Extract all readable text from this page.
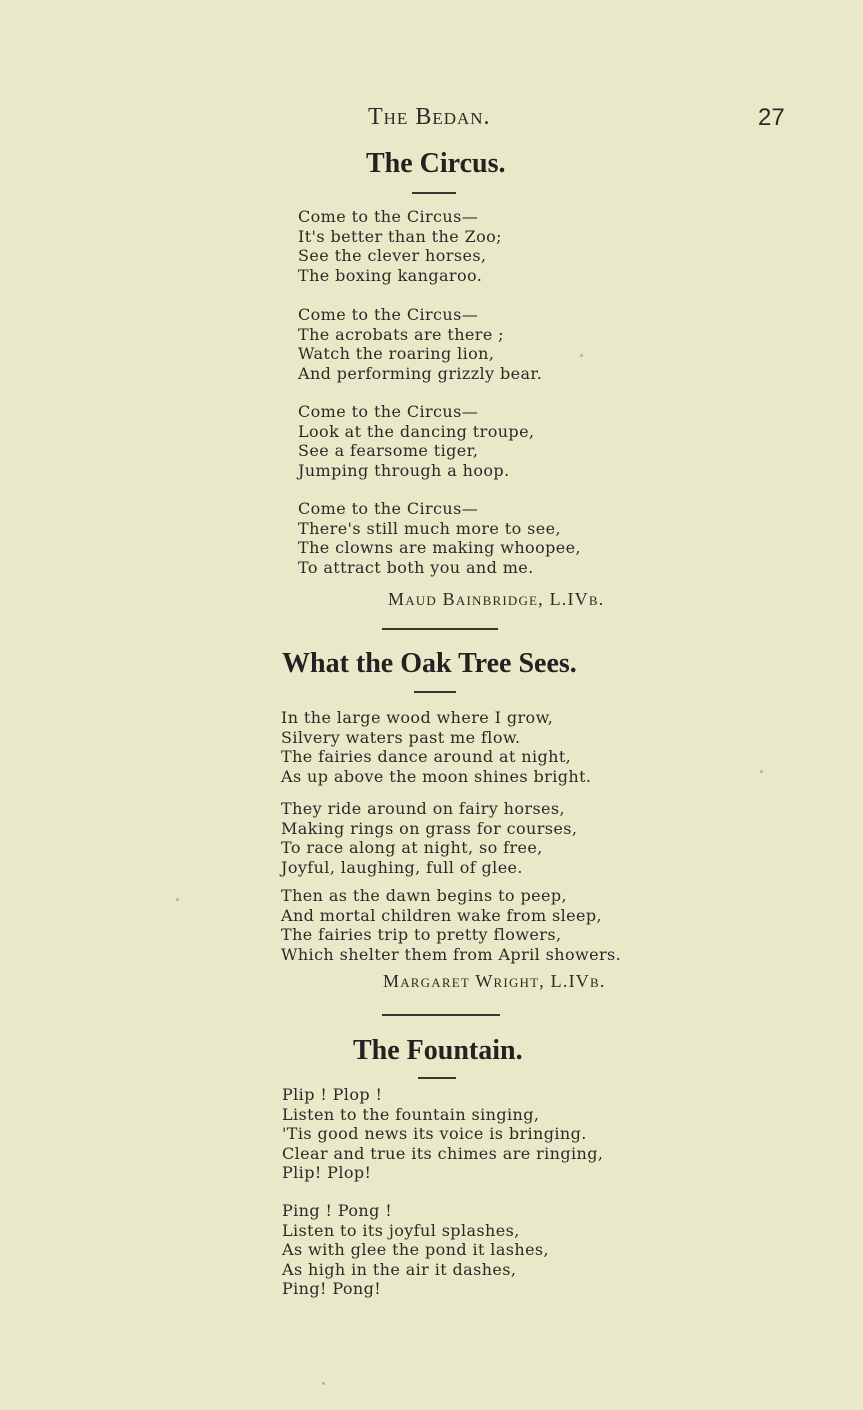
The Bedan.	27
The Circus.
Come to the Circus—
It's better than the Zoo;
See the clever horses,
The boxing kangaroo.
Come to the Circus—
The acrobats are there ;
Watch the roaring lion,
And performing grizzly bear.
Come to the Circus—
Look at the dancing troupe,
See a fearsome tiger,
Jumping through a hoop.
Come to the Circus—
There's still much more to see,
The clowns are making whoopee,
To attract both you and me.
Maud Bainbridge, L.IVb.
What the Oak Tree Sees.
In the large wood where I grow,
Silvery waters past me flow.
The fairies dance around at night,
As up above the moon shines bright.
They ride around on fairy horses,
Making rings on grass for courses,
To race along at night, so free,
Joyful, laughing, full of glee.
Then as the dawn begins to peep,
And mortal children wake from sleep,
The fairies trip to pretty flowers,
Which shelter them from April showers.
Margaret Wright, L.IVb.
The Fountain.
Plip ! Plop !
Listen to the fountain singing,
'Tis good news its voice is bringing.
Clear and true its chimes are ringing,
Plip! Plop!
Ping ! Pong !
Listen to its joyful splashes,
As with glee the pond it lashes,
As high in the air it dashes,
Ping! Pong!
